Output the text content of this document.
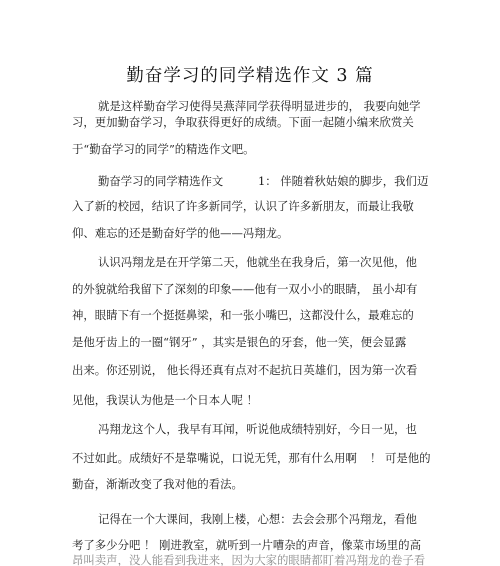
勤奋学习的同学精选作文 3 篇
就是这样勤奋学习使得吴燕萍同学获得明显进步的， 我要向她学
习，更加勤奋学习，争取获得更好的成绩。下面一起随小编来欣赏关
于“勤奋学习的同学”的精选作文吧。
勤奋学习的同学精选作文	1： 伴随着秋姑娘的脚步，我们迈
入了新的校园，结识了许多新同学，认识了许多新朋友，而最让我敬
仰、难忘的还是勤奋好学的他——冯翔龙。
认识冯翔龙是在开学第二天，他就坐在我身后，第一次见他，他
的外貌就给我留下了深刻的印象——他有一双小小的眼睛， 虽小却有
神，眼睛下有一个挺挺鼻梁，和一张小嘴巴，这都没什么，最难忘的
是他牙齿上的一圈“钢牙” ，其实是银色的牙套，他一笑，便会显露
出来。你还别说， 他长得还真有点对不起抗日英雄们，因为第一次看
见他，我误认为他是一个日本人呢 ！
冯翔龙这个人，我早有耳闻，听说他成绩特别好，今日一见，也
不过如此。成绩好不是靠嘴说，口说无凭，那有什么用啊 ！ 可是他的
勤奋，渐渐改变了我对他的看法。
记得在一个大课间，我刚上楼，心想：去会会那个冯翔龙，看他
考了多少分吧 ！ 刚进教室，就听到一片嘈杂的声音，像菜市场里的高
昂叫卖声，没人能看到我进来，因为大家的眼睛都盯着冯翔龙的卷子看
